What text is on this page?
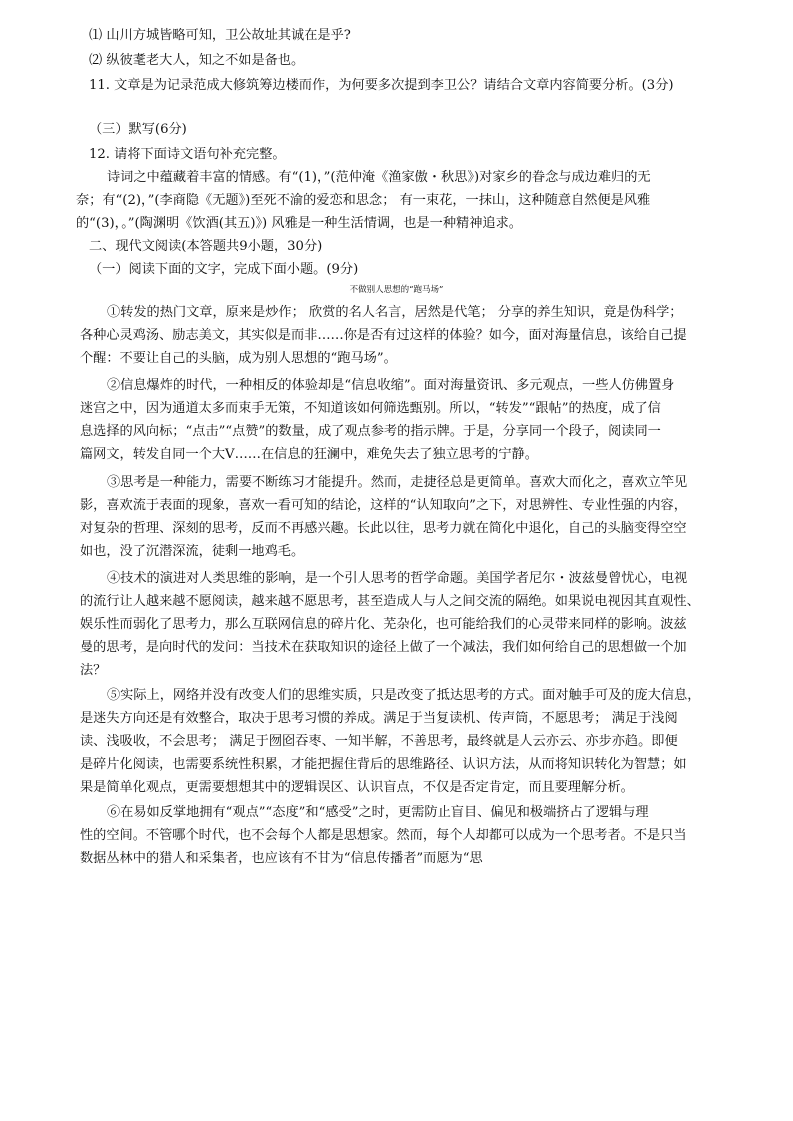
⑴ 山川方城皆略可知，卫公故址其诚在是乎?
⑵ 纵彼耄老大人，知之不如是备也。
11. 文章是为记录范成大修筑筹边楼而作，为何要多次提到李卫公？请结合文章内容简要分析。(3分)
（三）默写(6分)
12. 请将下面诗文语句补充完整。
诗词之中蕴藏着丰富的情感。有“(1)，”(范仲淹《渔家傲・秋思》)对家乡的眷念与成边难归的无
奈；有“(2)，”(李商隐《无题》)至死不渝的爱恋和思念； 有一束花，一抹山，这种随意自然便是风雅
的“(3)，。”(陶渊明《饮酒(其五)》) 风雅是一种生活情调，也是一种精神追求。
二、现代文阅读(本答题共9小题，30分)
（一）阅读下面的文字，完成下面小题。(9分)
不做别人思想的“跑马场”
①转发的热门文章，原来是炒作； 欣赏的名人名言，居然是代笔； 分享的养生知识，竟是伪科学；
各种心灵鸡汤、励志美文，其实似是而非……你是否有过这样的体验？如今，面对海量信息，该给自己提
个醒：不要让自己的头脑，成为别人思想的“跑马场”。
②信息爆炸的时代，一种相反的体验却是“信息收缩”。面对海量资讯、多元观点，一些人仿佛置身
迷宫之中，因为通道太多而束手无策，不知道该如何筛选甄别。所以，“转发”“跟帖”的热度，成了信
息选择的风向标；“点击”“点赞”的数量，成了观点参考的指示牌。于是，分享同一个段子，阅读同一
篇网文，转发自同一个大V……在信息的狂澜中，难免失去了独立思考的宁静。
③思考是一种能力，需要不断练习才能提升。然而，走捷径总是更简单。喜欢大而化之，喜欢立竿见
影，喜欢流于表面的现象，喜欢一看可知的结论，这样的“认知取向”之下，对思辨性、专业性强的内容，
对复杂的哲理、深刻的思考，反而不再感兴趣。长此以往，思考力就在简化中退化，自己的头脑变得空空
如也，没了沉潜深流，徒剩一地鸡毛。
④技术的演进对人类思维的影响，是一个引人思考的哲学命题。美国学者尼尔・波兹曼曾忧心，电视
的流行让人越来越不愿阅读，越来越不愿思考，甚至造成人与人之间交流的隔绝。如果说电视因其直观性、
娱乐性而弱化了思考力，那么互联网信息的碎片化、芜杂化，也可能给我们的心灵带来同样的影响。波兹
曼的思考，是向时代的发问：当技术在获取知识的途径上做了一个减法，我们如何给自己的思想做一个加
法？
⑤实际上，网络并没有改变人们的思维实质，只是改变了抵达思考的方式。面对触手可及的庞大信息，
是迷失方向还是有效整合，取决于思考习惯的养成。满足于当复读机、传声筒，不愿思考； 满足于浅阅
读、浅吸收，不会思考； 满足于囫囵吞枣、一知半解，不善思考，最终就是人云亦云、亦步亦趋。即便
是碎片化阅读，也需要系统性积累，才能把握住背后的思维路径、认识方法，从而将知识转化为智慧；如
果是简单化观点，更需要想想其中的逻辑误区、认识盲点，不仅是否定肯定，而且要理解分析。
⑥在易如反掌地拥有“观点”“态度”和“感受”之时，更需防止盲目、偏见和极端挤占了逻辑与理
性的空间。不管哪个时代，也不会每个人都是思想家。然而，每个人却都可以成为一个思考者。不是只当
数据丛林中的猎人和采集者，也应该有不甘为“信息传播者”而愿为“思
